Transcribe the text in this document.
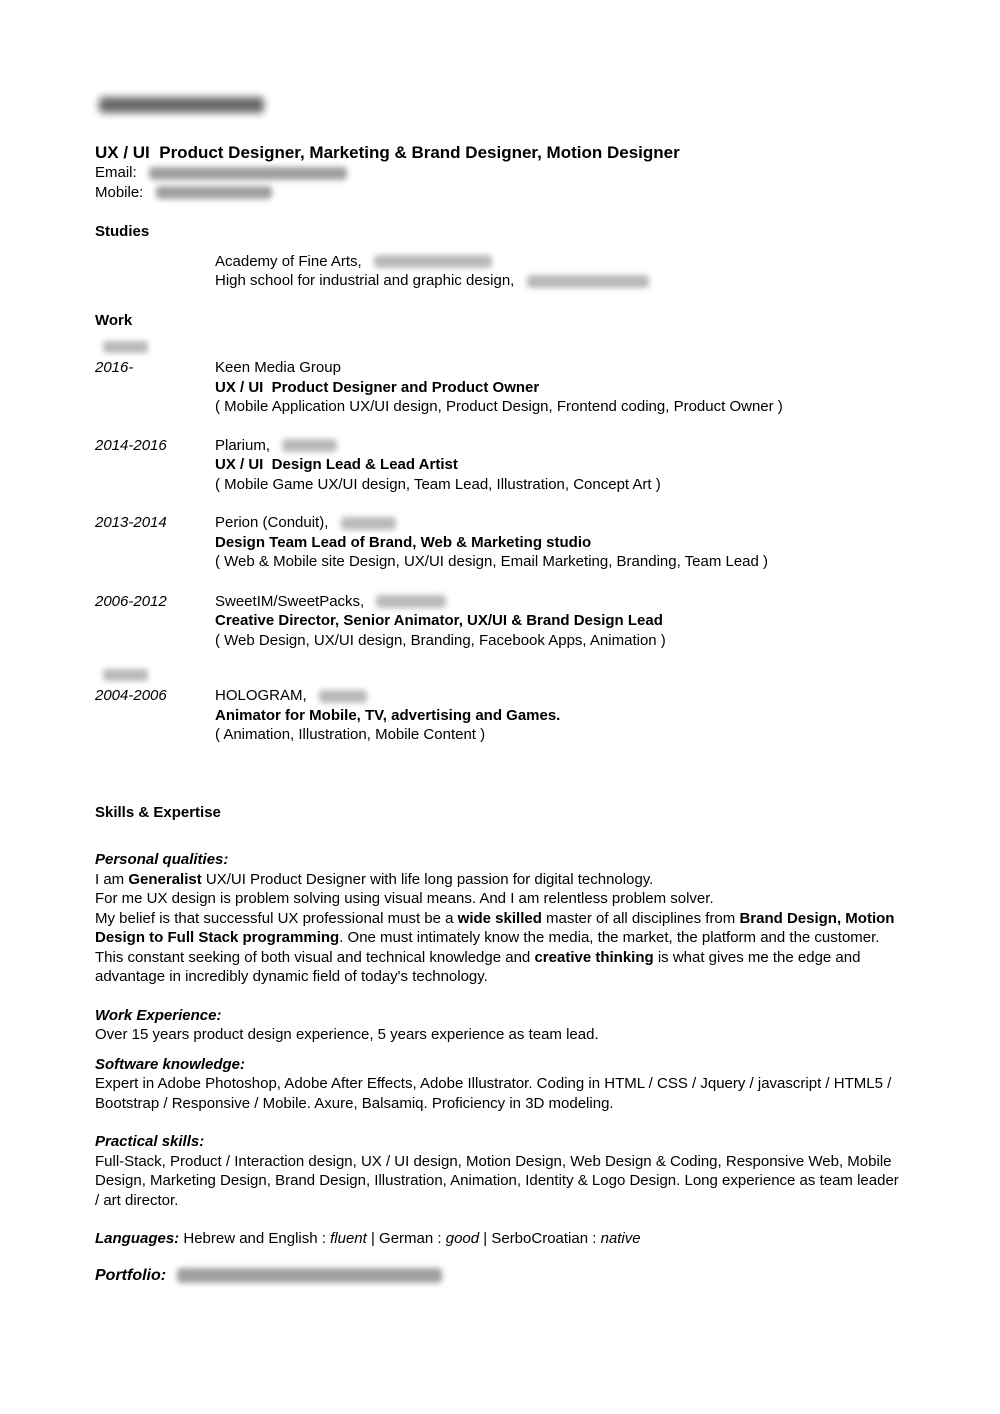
UX / UI  Product Designer, Marketing & Brand Designer, Motion Designer
Email:
Mobile:
Studies
Academy of Fine Arts,
High school for industrial and graphic design,
Work
2016-	Keen Media Group
UX / UI  Product Designer and Product Owner
( Mobile Application UX/UI design, Product Design, Frontend coding, Product Owner )
2014-2016	Plarium,
UX / UI  Design Lead & Lead Artist
( Mobile Game UX/UI design, Team Lead, Illustration, Concept Art )
2013-2014	Perion (Conduit),
Design Team Lead of Brand, Web & Marketing studio
( Web & Mobile site Design, UX/UI design, Email Marketing, Branding, Team Lead )
2006-2012	SweetIM/SweetPacks,
Creative Director, Senior Animator, UX/UI & Brand Design Lead
( Web Design, UX/UI design, Branding, Facebook Apps, Animation )
2004-2006	HOLOGRAM,
Animator for Mobile, TV, advertising and Games.
( Animation, Illustration, Mobile Content )
Skills & Expertise
Personal qualities:
I am Generalist UX/UI Product Designer with life long passion for digital technology.
For me UX design is problem solving using visual means. And I am relentless problem solver.
My belief is that successful UX professional must be a wide skilled master of all disciplines from Brand Design, Motion Design to Full Stack programming. One must intimately know the media, the market, the platform and the customer. This constant seeking of both visual and technical knowledge and creative thinking is what gives me the edge and advantage in incredibly dynamic field of today's technology.
Work Experience:
Over 15 years product design experience, 5 years experience as team lead.
Software knowledge:
Expert in Adobe Photoshop, Adobe After Effects, Adobe Illustrator. Coding in HTML / CSS / Jquery / javascript / HTML5 / Bootstrap / Responsive / Mobile. Axure, Balsamiq. Proficiency in 3D modeling.
Practical skills:
Full-Stack, Product / Interaction design, UX / UI design, Motion Design, Web Design & Coding, Responsive Web, Mobile Design, Marketing Design, Brand Design, Illustration, Animation, Identity & Logo Design. Long experience as team leader / art director.
Languages: Hebrew and English : fluent | German : good | SerboCroatian : native
Portfolio:
